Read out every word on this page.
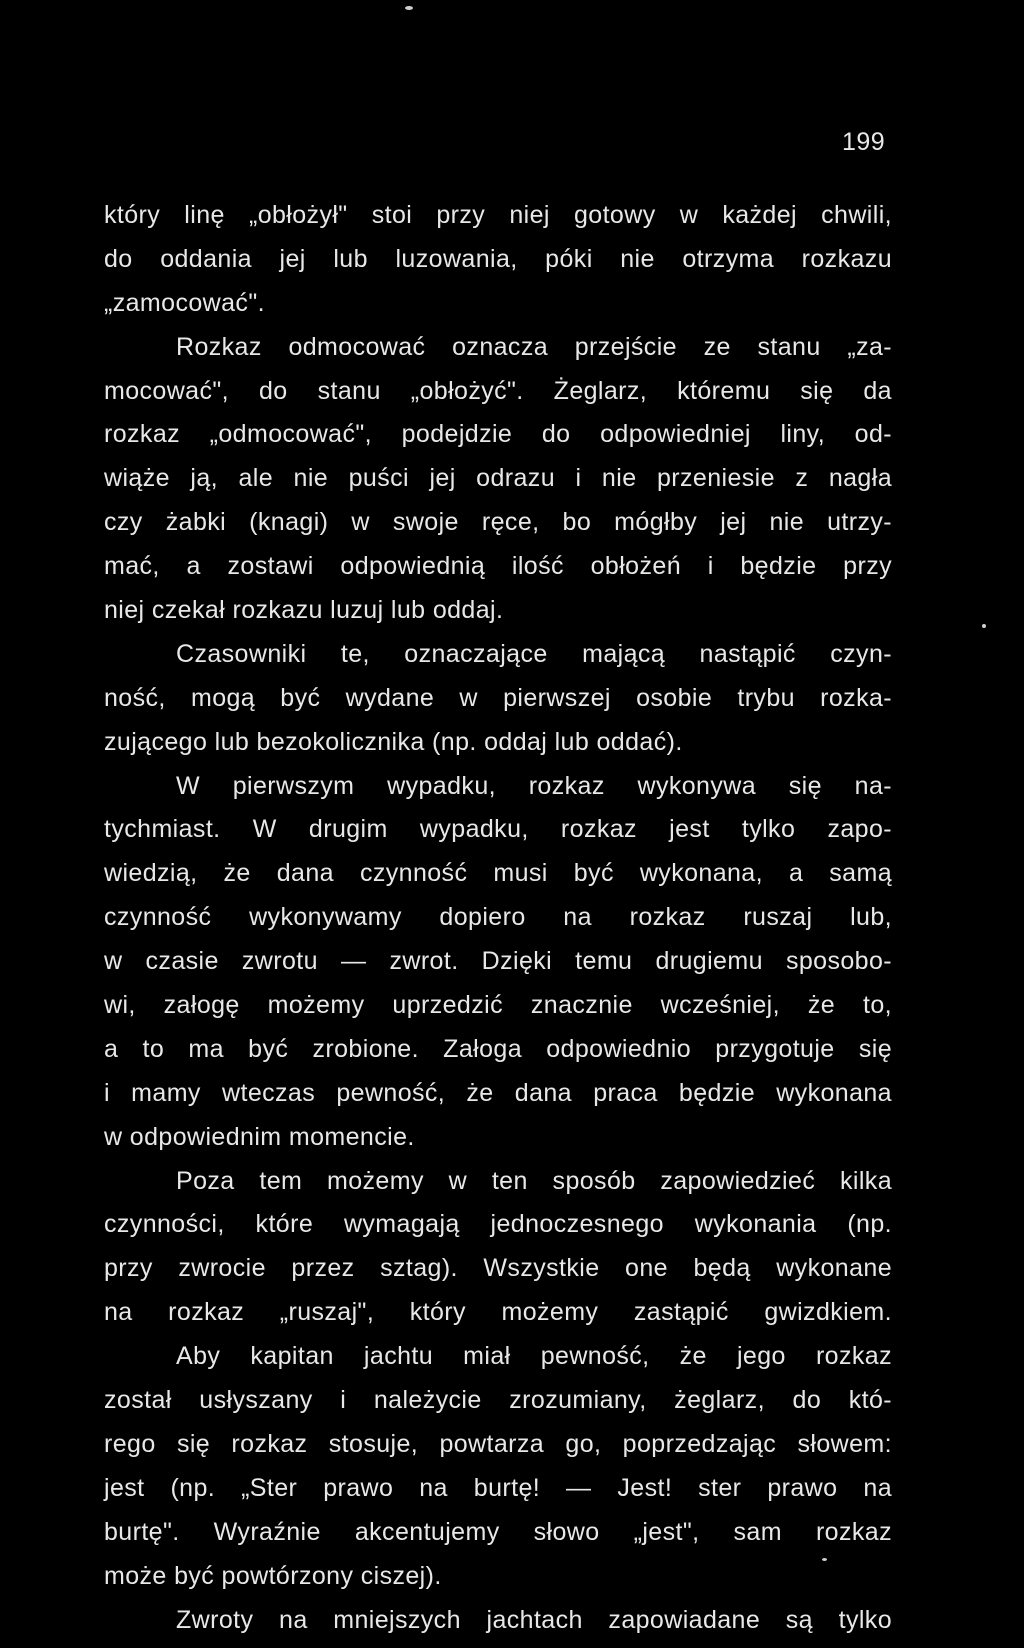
199
który linę „obłożył" stoi przy niej gotowy w każdej chwili,
do oddania jej lub luzowania, póki nie otrzyma rozkazu
„zamocować".
Rozkaz odmocować oznacza przejście ze stanu „za-
mocować", do stanu „obłożyć". Żeglarz, któremu się da
rozkaz „odmocować", podejdzie do odpowiedniej liny, od-
wiąże ją, ale nie puści jej odrazu i nie przeniesie z nagła
czy żabki (knagi) w swoje ręce, bo mógłby jej nie utrzy-
mać, a zostawi odpowiednią ilość obłożeń i będzie przy
niej czekał rozkazu luzuj lub oddaj.
Czasowniki te, oznaczające mającą nastąpić czyn-
ność, mogą być wydane w pierwszej osobie trybu rozka-
zującego lub bezokolicznika (np. oddaj lub oddać).
W pierwszym wypadku, rozkaz wykonywa się na-
tychmiast. W drugim wypadku, rozkaz jest tylko zapo-
wiedzią, że dana czynność musi być wykonana, a samą
czynność wykonywamy dopiero na rozkaz ruszaj lub,
w czasie zwrotu — zwrot. Dzięki temu drugiemu sposobo-
wi, załogę możemy uprzedzić znacznie wcześniej, że to,
a to ma być zrobione. Załoga odpowiednio przygotuje się
i mamy wteczas pewność, że dana praca będzie wykonana
w odpowiednim momencie.
Poza tem możemy w ten sposób zapowiedzieć kilka
czynności, które wymagają jednoczesnego wykonania (np.
przy zwrocie przez sztag). Wszystkie one będą wykonane
na rozkaz „ruszaj", który możemy zastąpić gwizdkiem.
Aby kapitan jachtu miał pewność, że jego rozkaz
został usłyszany i należycie zrozumiany, żeglarz, do któ-
rego się rozkaz stosuje, powtarza go, poprzedzając słowem:
jest (np. „Ster prawo na burtę! — Jest! ster prawo na
burtę". Wyraźnie akcentujemy słowo „jest", sam rozkaz
może być powtórzony ciszej).
Zwroty na mniejszych jachtach zapowiadane są tylko
